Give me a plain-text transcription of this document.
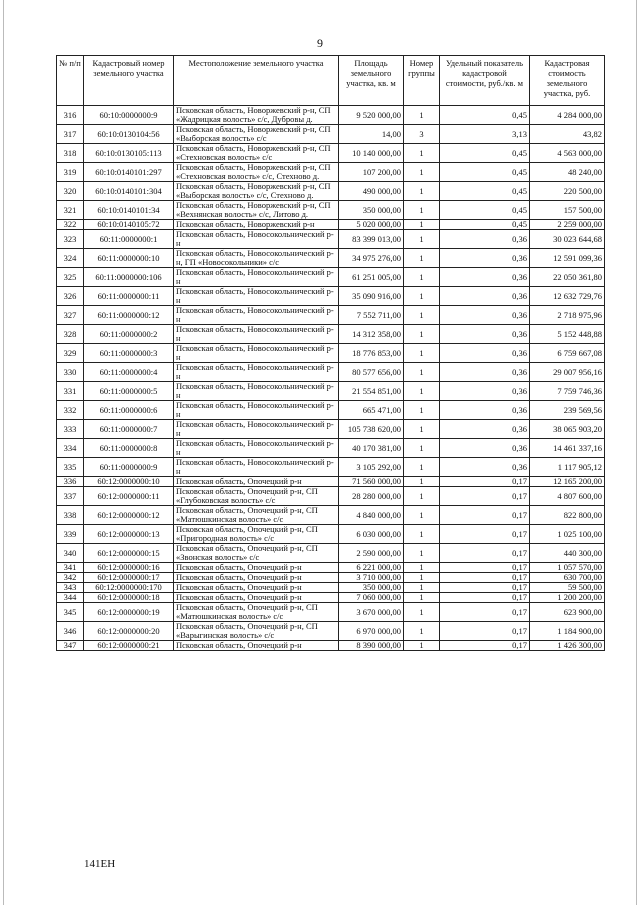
9
№ п/п	Кадастровый номер земельного участка	Местоположение земельного участка	Площадь земельного участка, кв. м	Номер группы	Удельный показатель кадастровой стоимости, руб./кв. м	Кадастровая стоимость земельного участка, руб.
316	60:10:0000000:9	Псковская область, Новоржевский р-н, СП «Жадрицкая волость» с/с, Дубровы д.	9 520 000,00	1	0,45	4 284 000,00
317	60:10:0130104:56	Псковская область, Новоржевский р-н, СП «Выборская волость» с/с	14,00	3	3,13	43,82
318	60:10:0130105:113	Псковская область, Новоржевский р-н, СП «Стехновская волость» с/с	10 140 000,00	1	0,45	4 563 000,00
319	60:10:0140101:297	Псковская область, Новоржевский р-н, СП «Стехновская волость» с/с, Стехново д.	107 200,00	1	0,45	48 240,00
320	60:10:0140101:304	Псковская область, Новоржевский р-н, СП «Выборская волость» с/с, Стехново д.	490 000,00	1	0,45	220 500,00
321	60:10:0140101:34	Псковская область, Новоржевский р-н, СП «Вехнянская волость» с/с, Литово д.	350 000,00	1	0,45	157 500,00
322	60:10:0140105:72	Псковская область, Новоржевский р-н	5 020 000,00	1	0,45	2 259 000,00
323	60:11:0000000:1	Псковская область, Новосокольнический р-н	83 399 013,00	1	0,36	30 023 644,68
324	60:11:0000000:10	Псковская область, Новосокольнический р-н, ГП «Новосокольники» с/с	34 975 276,00	1	0,36	12 591 099,36
325	60:11:0000000:106	Псковская область, Новосокольнический р-н	61 251 005,00	1	0,36	22 050 361,80
326	60:11:0000000:11	Псковская область, Новосокольнический р-н	35 090 916,00	1	0,36	12 632 729,76
327	60:11:0000000:12	Псковская область, Новосокольнический р-н	7 552 711,00	1	0,36	2 718 975,96
328	60:11:0000000:2	Псковская область, Новосокольнический р-н	14 312 358,00	1	0,36	5 152 448,88
329	60:11:0000000:3	Псковская область, Новосокольнический р-н	18 776 853,00	1	0,36	6 759 667,08
330	60:11:0000000:4	Псковская область, Новосокольнический р-н	80 577 656,00	1	0,36	29 007 956,16
331	60:11:0000000:5	Псковская область, Новосокольнический р-н	21 554 851,00	1	0,36	7 759 746,36
332	60:11:0000000:6	Псковская область, Новосокольнический р-н	665 471,00	1	0,36	239 569,56
333	60:11:0000000:7	Псковская область, Новосокольнический р-н	105 738 620,00	1	0,36	38 065 903,20
334	60:11:0000000:8	Псковская область, Новосокольнический р-н	40 170 381,00	1	0,36	14 461 337,16
335	60:11:0000000:9	Псковская область, Новосокольнический р-н	3 105 292,00	1	0,36	1 117 905,12
336	60:12:0000000:10	Псковская область, Опочецкий р-н	71 560 000,00	1	0,17	12 165 200,00
337	60:12:0000000:11	Псковская область, Опочецкий р-н, СП «Глубоковская волость» с/с	28 280 000,00	1	0,17	4 807 600,00
338	60:12:0000000:12	Псковская область, Опочецкий р-н, СП «Матюшкинская волость» с/с	4 840 000,00	1	0,17	822 800,00
339	60:12:0000000:13	Псковская область, Опочецкий р-н, СП «Пригородная волость» с/с	6 030 000,00	1	0,17	1 025 100,00
340	60:12:0000000:15	Псковская область, Опочецкий р-н, СП «Звонская волость» с/с	2 590 000,00	1	0,17	440 300,00
341	60:12:0000000:16	Псковская область, Опочецкий р-н	6 221 000,00	1	0,17	1 057 570,00
342	60:12:0000000:17	Псковская область, Опочецкий р-н	3 710 000,00	1	0,17	630 700,00
343	60:12:0000000:170	Псковская область, Опочецкий р-н	350 000,00	1	0,17	59 500,00
344	60:12:0000000:18	Псковская область, Опочецкий р-н	7 060 000,00	1	0,17	1 200 200,00
345	60:12:0000000:19	Псковская область, Опочецкий р-н, СП «Матюшкинская волость» с/с	3 670 000,00	1	0,17	623 900,00
346	60:12:0000000:20	Псковская область, Опочецкий р-н, СП «Варыгинская волость» с/с	6 970 000,00	1	0,17	1 184 900,00
347	60:12:0000000:21	Псковская область, Опочецкий р-н	8 390 000,00	1	0,17	1 426 300,00
141ЕН
